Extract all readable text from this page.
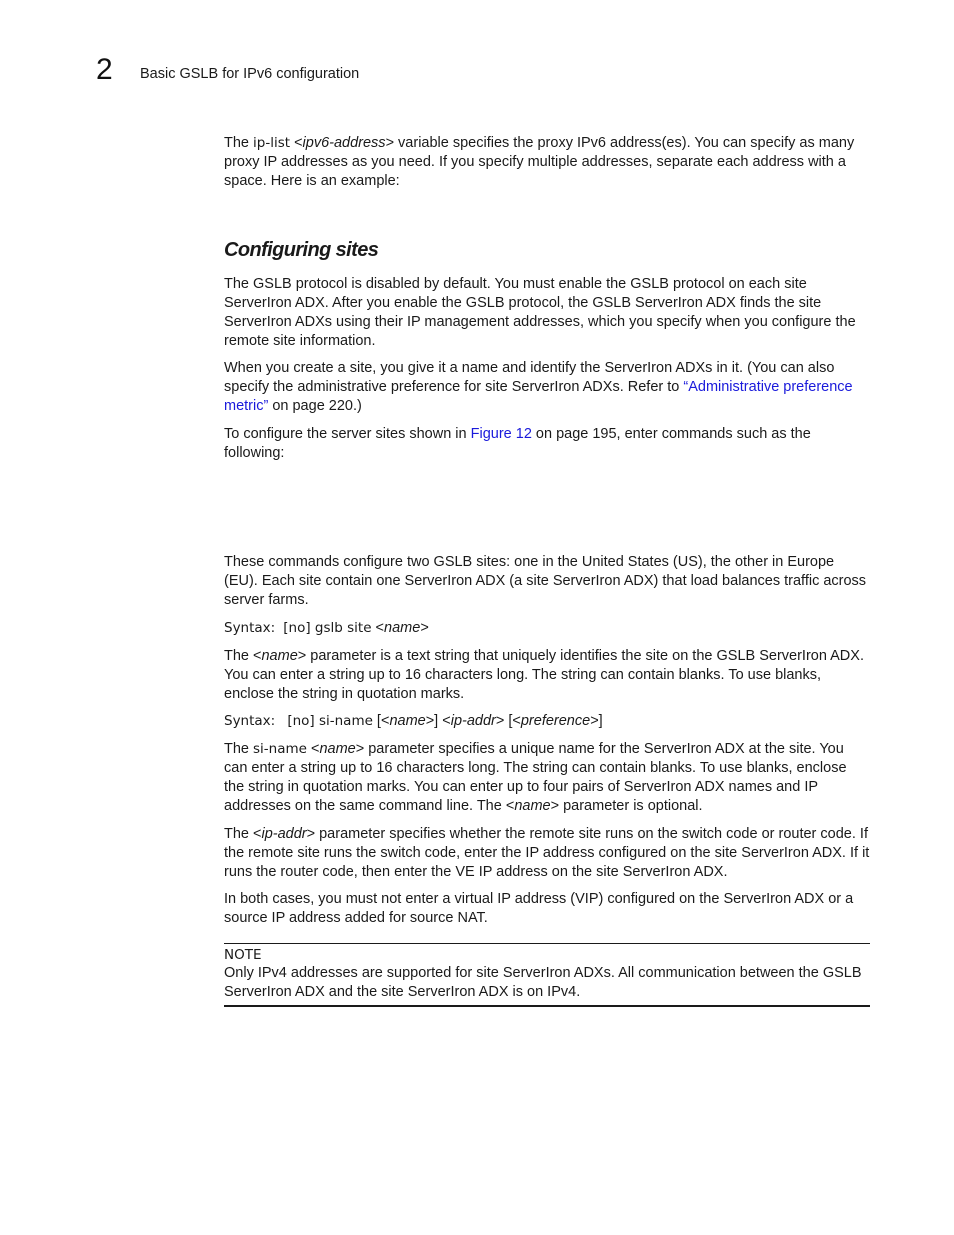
2 Basic GSLB for IPv6 configuration

The ip-list <ipv6-address> variable specifies the proxy IPv6 address(es). You can specify as many proxy IP addresses as you need. If you specify multiple addresses, separate each address with a space. Here is an example:

Configuring sites

The GSLB protocol is disabled by default. You must enable the GSLB protocol on each site ServerIron ADX. After you enable the GSLB protocol, the GSLB ServerIron ADX finds the site ServerIron ADXs using their IP management addresses, which you specify when you configure the remote site information.

When you create a site, you give it a name and identify the ServerIron ADXs in it. (You can also specify the administrative preference for site ServerIron ADXs. Refer to “Administrative preference metric” on page 220.)

To configure the server sites shown in Figure 12 on page 195, enter commands such as the following:

These commands configure two GSLB sites: one in the United States (US), the other in Europe (EU). Each site contain one ServerIron ADX (a site ServerIron ADX) that load balances traffic across server farms.

Syntax: [no] gslb site <name>

The <name> parameter is a text string that uniquely identifies the site on the GSLB ServerIron ADX. You can enter a string up to 16 characters long. The string can contain blanks. To use blanks, enclose the string in quotation marks.

Syntax: [no] si-name [<name>] <ip-addr> [<preference>]

The si-name <name> parameter specifies a unique name for the ServerIron ADX at the site. You can enter a string up to 16 characters long. The string can contain blanks. To use blanks, enclose the string in quotation marks. You can enter up to four pairs of ServerIron ADX names and IP addresses on the same command line. The <name> parameter is optional.

The <ip-addr> parameter specifies whether the remote site runs on the switch code or router code. If the remote site runs the switch code, enter the IP address configured on the site ServerIron ADX. If it runs the router code, then enter the VE IP address on the site ServerIron ADX.

In both cases, you must not enter a virtual IP address (VIP) configured on the ServerIron ADX or a source IP address added for source NAT.

NOTE

Only IPv4 addresses are supported for site ServerIron ADXs. All communication between the GSLB ServerIron ADX and the site ServerIron ADX is on IPv4.
